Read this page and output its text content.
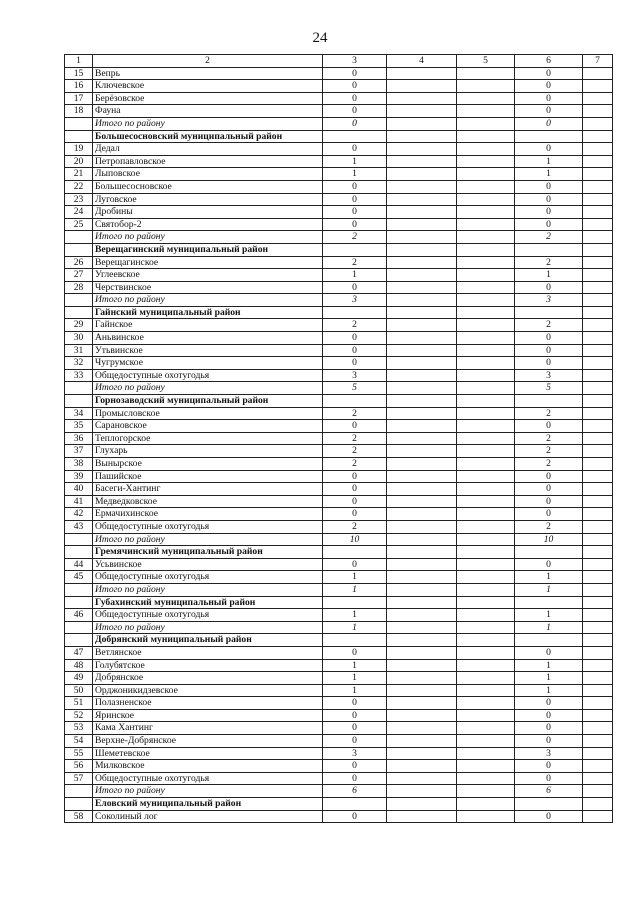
24
1	2	3	4	5	6	7
15	Вепрь	0			0	
16	Ключевское	0			0	
17	Берёзовское	0			0	
18	Фауна	0			0	
	Итого по району	0			0	
	Большесосновский муниципальный район					
19	Дедал	0			0	
20	Петропавловское	1			1	
21	Лыповское	1			1	
22	Большесосновское	0			0	
23	Луговское	0			0	
24	Дробины	0			0	
25	Святобор-2	0			0	
	Итого по району	2			2	
	Верещагинский муниципальный район					
26	Верещагинское	2			2	
27	Углеевское	1			1	
28	Черствинское	0			0	
	Итого по району	3			3	
	Гайнский муниципальный район					
29	Гайнское	2			2	
30	Аньвинское	0			0	
31	Утьвинское	0			0	
32	Чугрумское	0			0	
33	Общедоступные охотугодья	3			3	
	Итого по району	5			5	
	Горнозаводский муниципальный район					
34	Промысловское	2			2	
35	Сарановское	0			0	
36	Теплогорское	2			2	
37	Глухарь	2			2	
38	Вынырское	2			2	
39	Пашийское	0			0	
40	Басеги-Хантинг	0			0	
41	Медведковское	0			0	
42	Ермачихинское	0			0	
43	Общедоступные охотугодья	2			2	
	Итого по району	10			10	
	Гремячинский муниципальный район					
44	Усьвинское	0			0	
45	Общедоступные охотугодья	1			1	
	Итого по району	1			1	
	Губахинский муниципальный район					
46	Общедоступные охотугодья	1			1	
	Итого по району	1			1	
	Добрянский муниципальный район					
47	Ветлянское	0			0	
48	Голубятское	1			1	
49	Добрянское	1			1	
50	Орджоникидзевское	1			1	
51	Полазненское	0			0	
52	Яринское	0			0	
53	Кама Хантинг	0			0	
54	Верхне-Добрянское	0			0	
55	Шеметевское	3			3	
56	Милковское	0			0	
57	Общедоступные охотугодья	0			0	
	Итого по району	6			6	
	Еловский муниципальный район					
58	Соколиный лог	0			0	
